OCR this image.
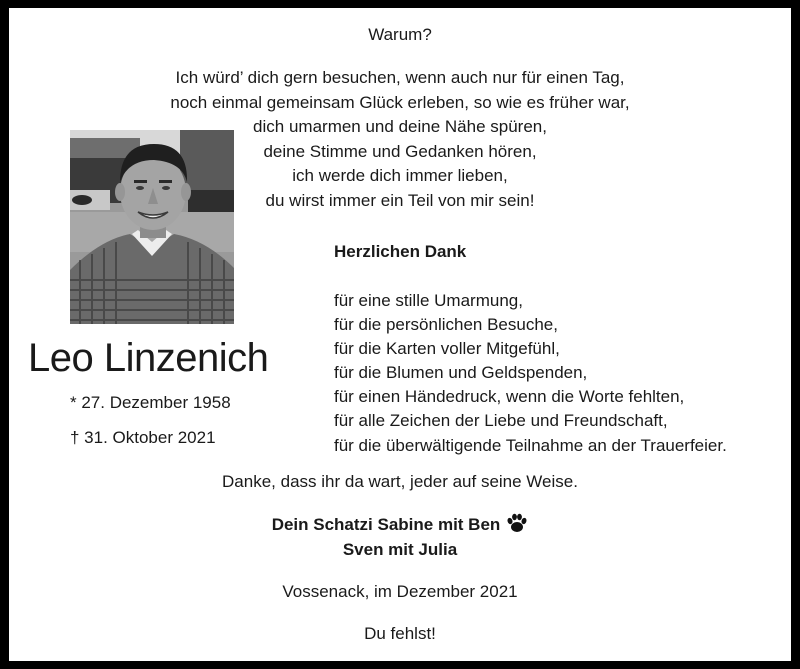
Warum?
Ich würd’ dich gern besuchen, wenn auch nur für einen Tag,
noch einmal gemeinsam Glück erleben, so wie es früher war,
dich umarmen und deine Nähe spüren,
deine Stimme und Gedanken hören,
ich werde dich immer lieben,
du wirst immer ein Teil von mir sein!
Leo Linzenich
* 27. Dezember 1958
† 31. Oktober 2021
Herzlichen Dank
für eine stille Umarmung,
für die persönlichen Besuche,
für die Karten voller Mitgefühl,
für die Blumen und Geldspenden,
für einen Händedruck, wenn die Worte fehlten,
für alle Zeichen der Liebe und Freundschaft,
für die überwältigende Teilnahme an der Trauerfeier.
Danke, dass ihr da wart, jeder auf seine Weise.
Dein Schatzi Sabine mit Ben
Sven mit Julia
Vossenack, im Dezember 2021
Du fehlst!
